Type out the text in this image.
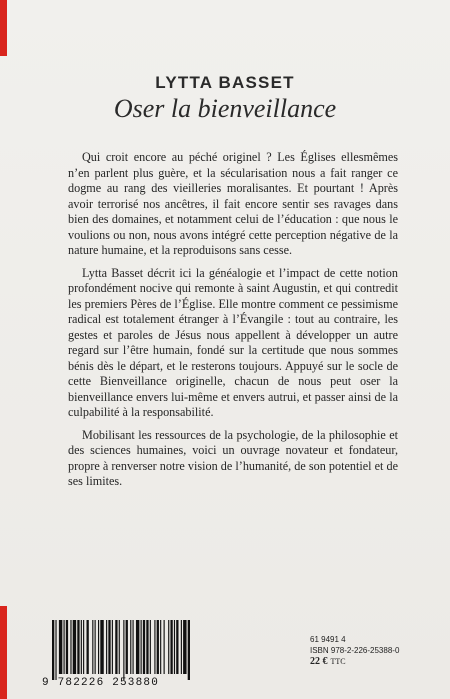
LYTTA BASSET
Oser la bienveillance

Qui croit encore au péché originel ? Les Églises ellesmêmes n’en parlent plus guère, et la sécularisation nous a fait ranger ce dogme au rang des vieilleries moralisantes. Et pourtant ! Après avoir terrorisé nos ancêtres, il fait encore sentir ses ravages dans bien des domaines, et notamment celui de l’éducation : que nous le voulions ou non, nous avons intégré cette perception négative de la nature humaine, et la reproduisons sans cesse.

Lytta Basset décrit ici la généalogie et l’impact de cette notion profondément nocive qui remonte à saint Augustin, et qui contredit les premiers Pères de l’Église. Elle montre comment ce pessimisme radical est totalement étranger à l’Évangile : tout au contraire, les gestes et paroles de Jésus nous appellent à développer un autre regard sur l’être humain, fondé sur la certitude que nous sommes bénis dès le départ, et le resterons toujours. Appuyé sur le socle de cette Bienveillance originelle, chacun de nous peut oser la bienveillance envers lui-même et envers autrui, et passer ainsi de la culpabilité à la responsabilité.

Mobilisant les ressources de la psychologie, de la philosophie et des sciences humaines, voici un ouvrage novateur et fondateur, propre à renverser notre vision de l’humanité, de son potentiel et de ses limites.

9 782226 253880
61 9491 4
ISBN 978-2-226-25388-0
22 € TTC
